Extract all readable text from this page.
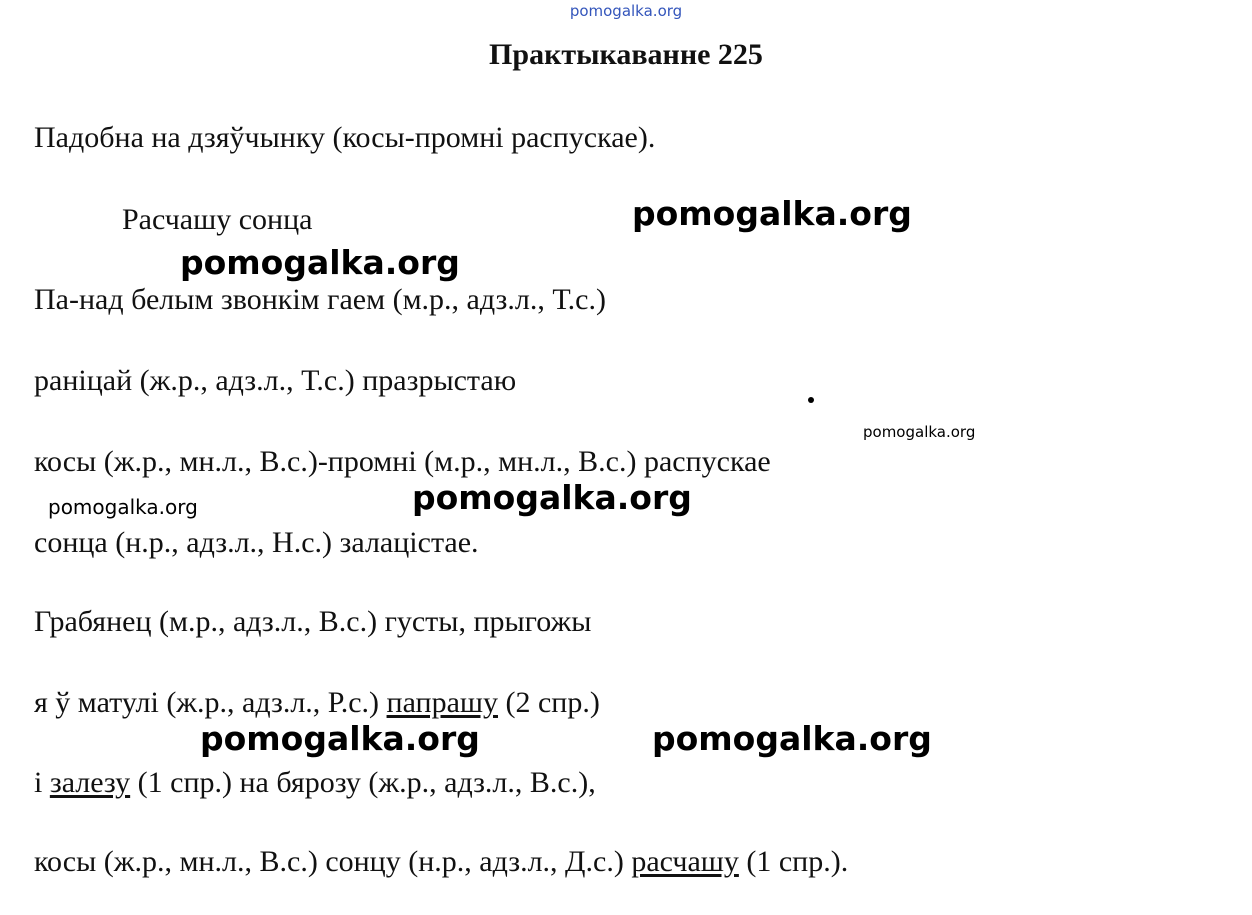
pomogalka.org
Практыкаванне 225
Падобна на дзяўчынку (косы-промні распускае).
Расчашу сонца
Па-над белым звонкім гаем (м.р., адз.л., Т.с.)
раніцай (ж.р., адз.л., Т.с.) празрыстаю
косы (ж.р., мн.л., В.с.)-промні (м.р., мн.л., В.с.) распускае
сонца (н.р., адз.л., Н.с.) залацістае.
Грабянец (м.р., адз.л., В.с.) густы, прыгожы
я ў матулі (ж.р., адз.л., Р.с.) папрашу (2 спр.)
і залезу (1 спр.) на бярозу (ж.р., адз.л., В.с.),
косы (ж.р., мн.л., В.с.) сонцу (н.р., адз.л., Д.с.) расчашу (1 спр.).
pomogalka.org
pomogalka.org
pomogalka.org
pomogalka.org
pomogalka.org
pomogalka.org	pomogalka.org
